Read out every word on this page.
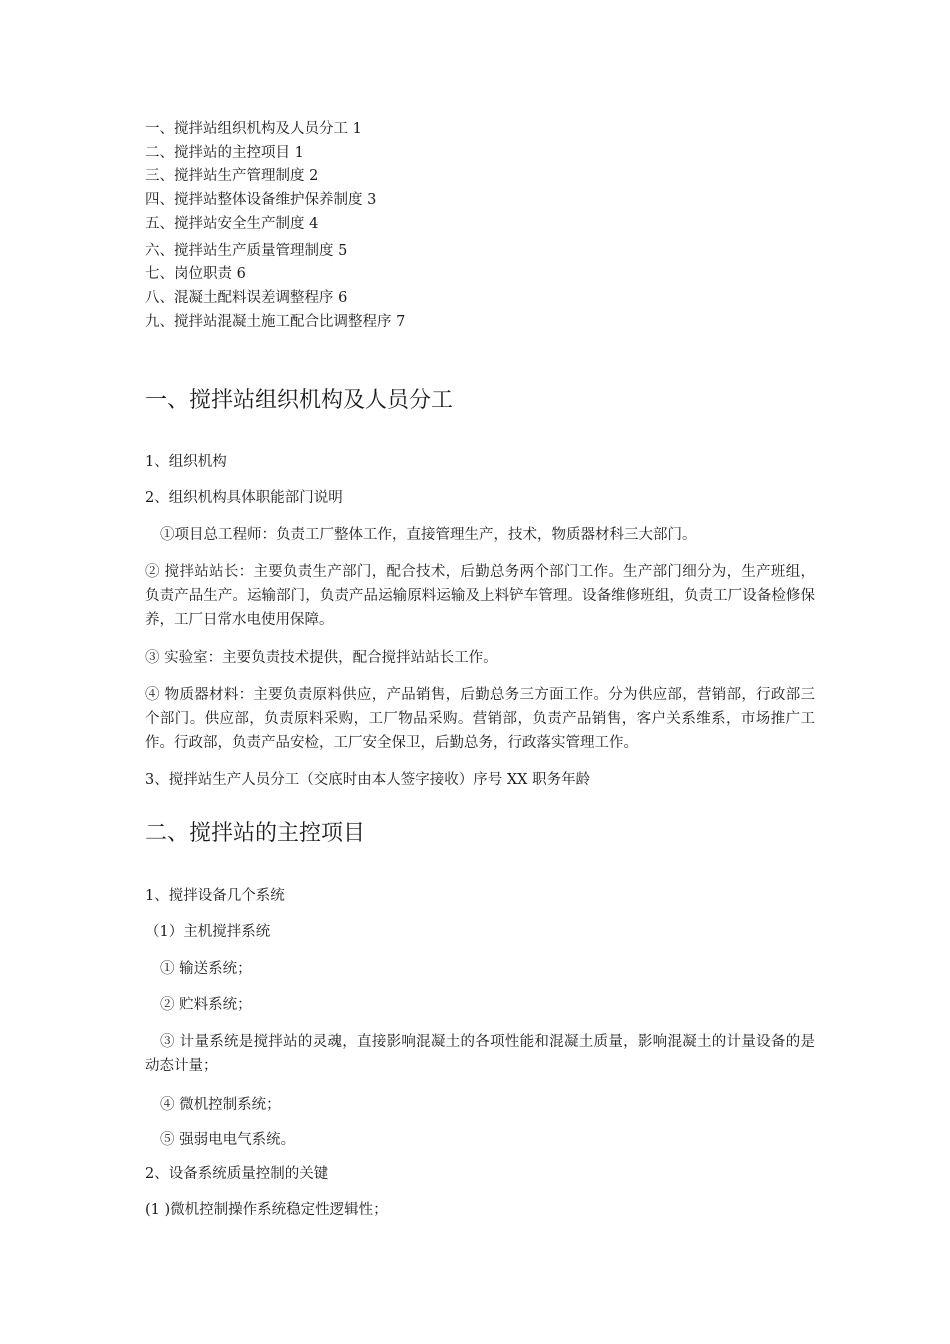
一、搅拌站组织机构及人员分工 1
二、搅拌站的主控项目 1
三、搅拌站生产管理制度 2
四、搅拌站整体设备维护保养制度 3
五、搅拌站安全生产制度 4
六、搅拌站生产质量管理制度 5
七、岗位职责 6
八、混凝土配料误差调整程序 6
九、搅拌站混凝土施工配合比调整程序 7
一、搅拌站组织机构及人员分工
1、组织机构
2、组织机构具体职能部门说明
①项目总工程师：负责工厂整体工作，直接管理生产，技术，物质器材科三大部门。
② 搅拌站站长：主要负责生产部门，配合技术，后勤总务两个部门工作。生产部门细分为，生产班组，负责产品生产。运输部门，负责产品运输原料运输及上料铲车管理。设备维修班组，负责工厂设备检修保养，工厂日常水电使用保障。
③ 实验室：主要负责技术提供，配合搅拌站站长工作。
④ 物质器材料：主要负责原料供应，产品销售，后勤总务三方面工作。分为供应部，营销部，行政部三个部门。供应部，负责原料采购，工厂物品采购。营销部，负责产品销售，客户关系维系，市场推广工作。行政部，负责产品安检，工厂安全保卫，后勤总务，行政落实管理工作。
3、搅拌站生产人员分工（交底时由本人签字接收）序号 XX 职务年龄
二、搅拌站的主控项目
1、搅拌设备几个系统
（1）主机搅拌系统
① 输送系统；
② 贮料系统；
③ 计量系统是搅拌站的灵魂，直接影响混凝土的各项性能和混凝土质量，影响混凝土的计量设备的是动态计量；
④ 微机控制系统；
⑤ 强弱电电气系统。
2、设备系统质量控制的关键
(1 )微机控制操作系统稳定性逻辑性；
